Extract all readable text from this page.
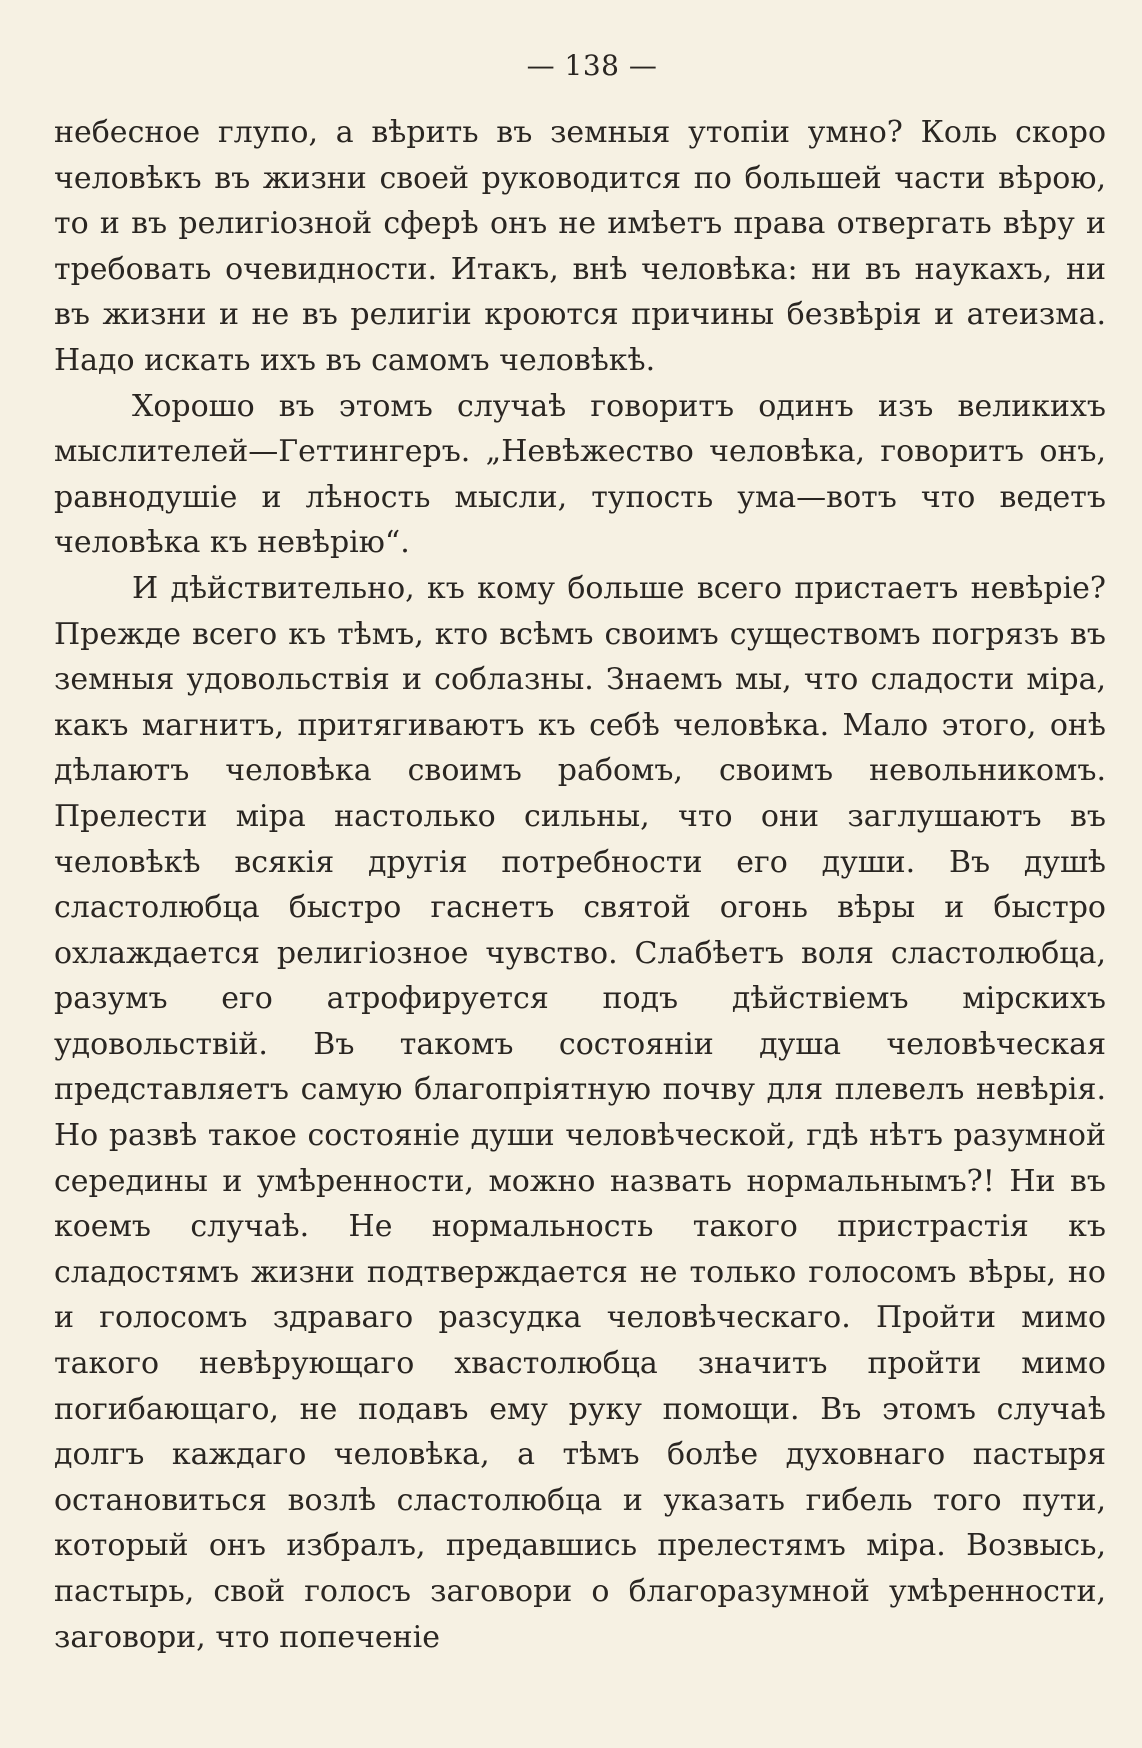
— 138 —

небесное глупо, а вѣрить въ земныя утопіи умно? Коль скоро человѣкъ въ жизни своей руководится по большей части вѣрою, то и въ религіозной сферѣ онъ не имѣетъ права отвергать вѣру и требовать очевидности. Итакъ, внѣ человѣка: ни въ наукахъ, ни въ жизни и не въ религіи кроются причины безвѣрія и атеизма. Надо искать ихъ въ самомъ человѣкѣ.

Хорошо въ этомъ случаѣ говоритъ одинъ изъ великихъ мыслителей—Геттингеръ. „Невѣжество человѣка, говоритъ онъ, равнодушіе и лѣность мысли, тупость ума—вотъ что ведетъ человѣка къ невѣрію“.

И дѣйствительно, къ кому больше всего пристаетъ невѣріе? Прежде всего къ тѣмъ, кто всѣмъ своимъ существомъ погрязъ въ земныя удовольствія и соблазны. Знаемъ мы, что сладости міра, какъ магнитъ, притягиваютъ къ себѣ человѣка. Мало этого, онѣ дѣлаютъ человѣка своимъ рабомъ, своимъ невольникомъ. Прелести міра настолько сильны, что они заглушаютъ въ человѣкѣ всякія другія потребности его души. Въ душѣ сластолюбца быстро гаснетъ святой огонь вѣры и быстро охлаждается религіозное чувство. Слабѣетъ воля сластолюбца, разумъ его атрофируется подъ дѣйствіемъ мірскихъ удовольствій. Въ такомъ состояніи душа человѣческая представляетъ самую благопріятную почву для плевелъ невѣрія. Но развѣ такое состояніе души человѣческой, гдѣ нѣтъ разумной середины и умѣренности, можно назвать нормальнымъ?! Ни въ коемъ случаѣ. Не нормальность такого пристрастія къ сладостямъ жизни подтверждается не только голосомъ вѣры, но и голосомъ здраваго разсудка человѣческаго. Пройти мимо такого невѣрующаго хвастолюбца значитъ пройти мимо погибающаго, не подавъ ему руку помощи. Въ этомъ случаѣ долгъ каждаго человѣка, а тѣмъ болѣе духовнаго пастыря остановиться возлѣ сластолюбца и указать гибель того пути, который онъ избралъ, предавшись прелестямъ міра. Возвысь, пастырь, свой голосъ заговори о благоразумной умѣренности, заговори, что попеченіе
